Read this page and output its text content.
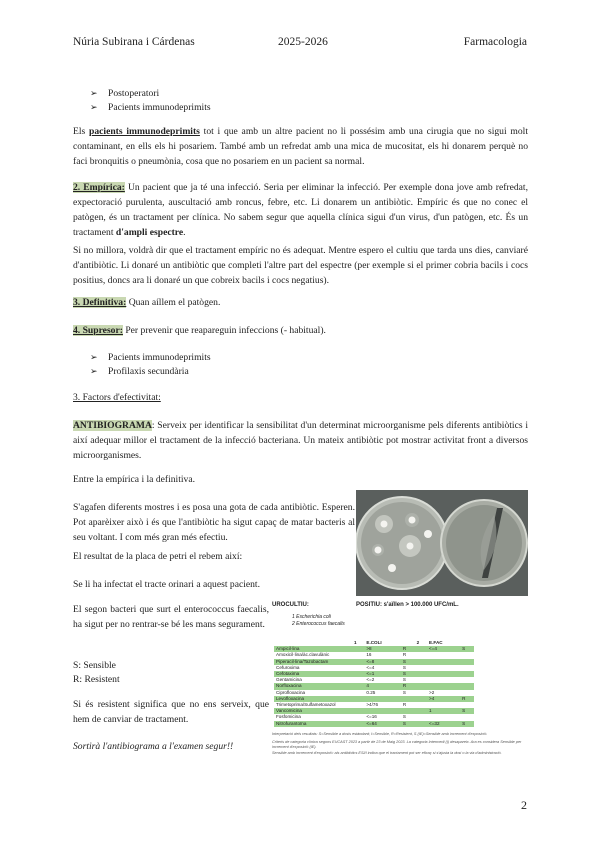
Núria Subirana i Cárdenas	2025-2026	Farmacologia
➢ Postoperatori
➢ Pacients immunodeprimits

Els pacients immunodeprimits tot i que amb un altre pacient no li possésim amb una cirugia que no sigui molt contaminant, en ells els hi posariem. També amb un refredat amb una mica de mucositat, els hi donarem perquè no faci bronquitis o pneumònia, cosa que no posariem en un pacient sa normal.

2. Empírica: Un pacient que ja té una infecció. Seria per eliminar la infecció. Per exemple dona jove amb refredat, expectoració purulenta, auscultació amb roncus, febre, etc. Li donarem un antibiòtic. Empíric és que no conec el patògen, és un tractament per clínica. No sabem segur que aquella clínica sigui d'un virus, d'un patògen, etc. És un tractament d'ampli espectre.

Si no millora, voldrà dir que el tractament empíric no és adequat. Mentre espero el cultiu que tarda uns dies, canviaré d'antibiòtic. Li donaré un antibiòtic que completi l'altre part del espectre (per exemple si el primer cobria bacils i cocs positius, doncs ara li donaré un que cobreix bacils i cocs negatius).

3. Definitiva: Quan aíllem el patògen.

4. Supresor: Per prevenir que reapareguin infeccions (- habitual).

➢ Pacients immunodeprimits
➢ Profilaxis secundària

3. Factors d'efectivitat:

ANTIBIOGRAMA: Serveix per identificar la sensibilitat d'un determinat microorganisme pels diferents antibiòtics i així adequar millor el tractament de la infecció bacteriana. Un mateix antibiòtic pot mostrar activitat front a diversos microorganismes.

Entre la empírica i la definitiva.

S'agafen diferents mostres i es posa una gota de cada antibiòtic. Esperen. Pot aparèixer això i és que l'antibiòtic ha sigut capaç de matar bacteris al seu voltant. I com més gran més efectiu.

El resultat de la placa de petri el rebem així:

Se li ha infectat el tracte orinari a aquest pacient.

El segon bacteri que surt el enterococcus faecalis, ha sigut per no rentrar-se bé les mans segurament.

S: Sensible
R: Resistent

Si és resistent significa que no ens serveix, que hem de canviar de tractament.

Sortirà l'antibiograma a l'examen segur!!

UROCULTIU:	POSITIU: s'aïllen > 100.000 UFC/mL.
1 Escherichia coli
2 Enterococcus faecalis
	1	E.COLI		2	E.FAC	
Ampicil·lina		>8	R		<=4	S
Amoxicil·lina/àc.clavulànic		16	R			
Piperacil·lina/Tazobactam		<=8	S			
Cefuroxima		<=4	S			
Cefotaxima		<=1	S			
Gentamicina		<=2	S			
Norfloxacina		4	R			
Ciprofloxacina		0.25	S		>2	
Levofloxacina					>4	R
Trimetoprima/Sulfametoxazol		>4/76	R			
Vancomicina					1	S
Fosfomicina		<=16	S			
Nitrofurantoïna		<=64	S		<=32	S
Interpretació dels resultats: S=Sensible a dosis estàndard; I=Sensible, R=Resistent, S (IE)=Sensible amb increment d'exposició.
Criteris de categoria clínica segons EUCAST 2023 a partir de 23 de Maig 2023. La categoria Intermedi (I) desapareix. Ara es considera Sensible per increment d'exposició (IE).
Sensible amb increment d'exposició: als antibiòtics ESI/I indica que el tractament pot ser eficaç si s'ajusta la dosi o la via d'administració.
2
